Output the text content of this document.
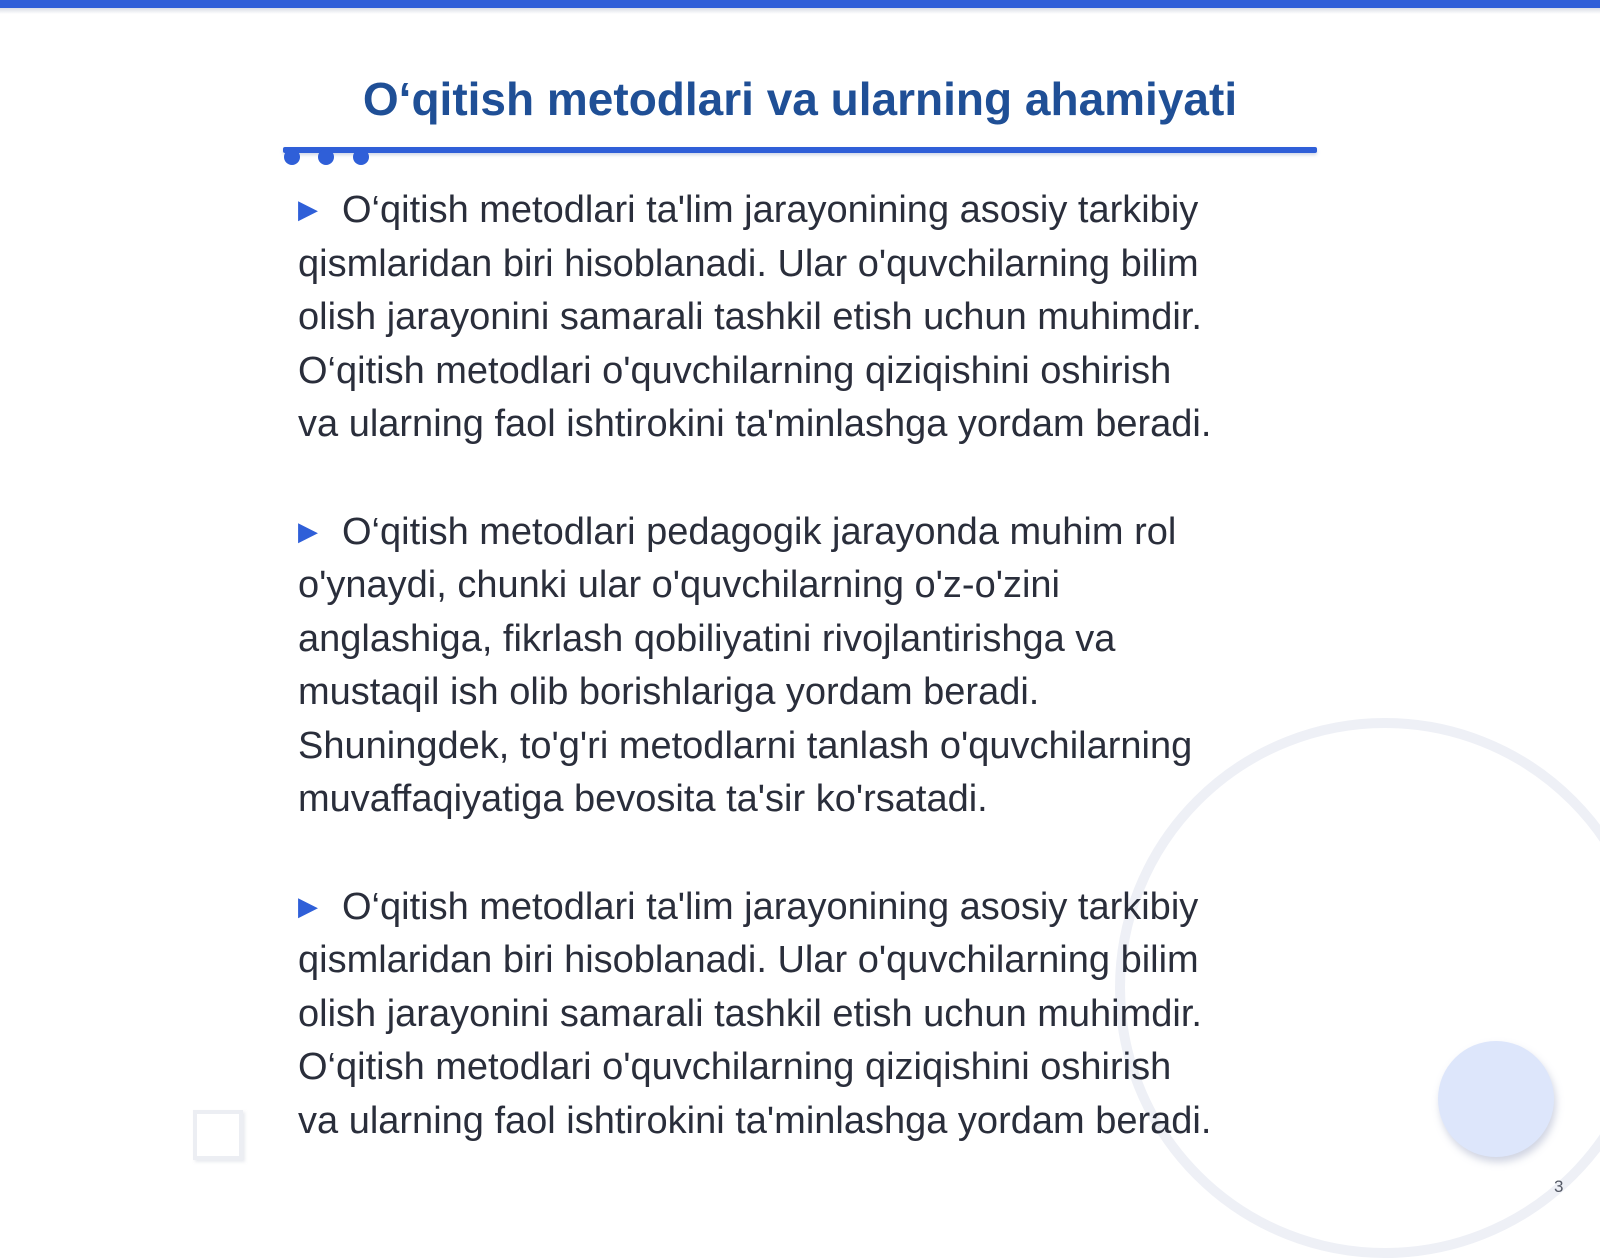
O‘qitish metodlari va ularning ahamiyati
▶ O‘qitish metodlari ta'lim jarayonining asosiy tarkibiy
qismlaridan biri hisoblanadi. Ular o'quvchilarning bilim
olish jarayonini samarali tashkil etish uchun muhimdir.
O‘qitish metodlari o'quvchilarning qiziqishini oshirish
va ularning faol ishtirokini ta'minlashga yordam beradi.
▶ O‘qitish metodlari pedagogik jarayonda muhim rol
o'ynaydi, chunki ular o'quvchilarning o'z-o'zini
anglashiga, fikrlash qobiliyatini rivojlantirishga va
mustaqil ish olib borishlariga yordam beradi.
Shuningdek, to'g'ri metodlarni tanlash o'quvchilarning
muvaffaqiyatiga bevosita ta'sir ko'rsatadi.
▶ O‘qitish metodlari ta'lim jarayonining asosiy tarkibiy
qismlaridan biri hisoblanadi. Ular o'quvchilarning bilim
olish jarayonini samarali tashkil etish uchun muhimdir.
O‘qitish metodlari o'quvchilarning qiziqishini oshirish
va ularning faol ishtirokini ta'minlashga yordam beradi.
3
